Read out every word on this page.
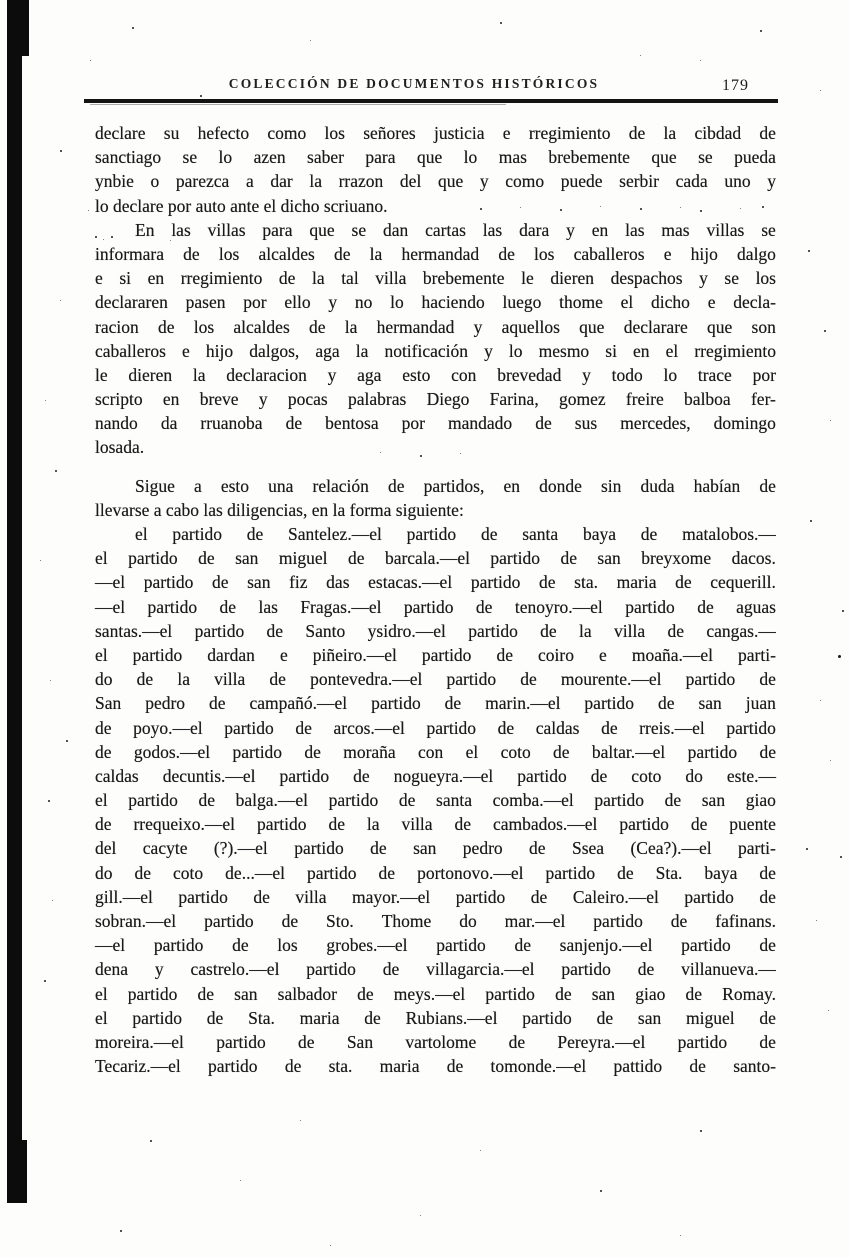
COLECCIÓN DE DOCUMENTOS HISTÓRICOS	179
declare su hefecto como los señores justicia e rregimiento de la cibdad de
sanctiago se lo azen saber para que lo mas brebemente que se pueda
ynbie o parezca a dar la rrazon del que y como puede serbir cada uno y
lo declare por auto ante el dicho scriuano.
En las villas para que se dan cartas las dara y en las mas villas se
informara de los alcaldes de la hermandad de los caballeros e hijo dalgo
e si en rregimiento de la tal villa brebemente le dieren despachos y se los
declararen pasen por ello y no lo haciendo luego thome el dicho e decla-
racion de los alcaldes de la hermandad y aquellos que declarare que son
caballeros e hijo dalgos, aga la notificación y lo mesmo si en el rregimiento
le dieren la declaracion y aga esto con brevedad y todo lo trace por
scripto en breve y pocas palabras Diego Farina, gomez freire balboa fer-
nando da rruanoba de bentosa por mandado de sus mercedes, domingo
losada.
Sigue a esto una relación de partidos, en donde sin duda habían de
llevarse a cabo las diligencias, en la forma siguiente:
el partido de Santelez.—el partido de santa baya de matalobos.—
el partido de san miguel de barcala.—el partido de san breyxome dacos.
—el partido de san fiz das estacas.—el partido de sta. maria de cequerill.
—el partido de las Fragas.—el partido de tenoyro.—el partido de aguas
santas.—el partido de Santo ysidro.—el partido de la villa de cangas.—
el partido dardan e piñeiro.—el partido de coiro e moaña.—el parti-
do de la villa de pontevedra.—el partido de mourente.—el partido de
San pedro de campañó.—el partido de marin.—el partido de san juan
de poyo.—el partido de arcos.—el partido de caldas de rreis.—el partido
de godos.—el partido de moraña con el coto de baltar.—el partido de
caldas decuntis.—el partido de nogueyra.—el partido de coto do este.—
el partido de balga.—el partido de santa comba.—el partido de san giao
de rrequeixo.—el partido de la villa de cambados.—el partido de puente
del cacyte (?).—el partido de san pedro de Ssea (Cea?).—el parti-
do de coto de...—el partido de portonovo.—el partido de Sta. baya de
gill.—el partido de villa mayor.—el partido de Caleiro.—el partido de
sobran.—el partido de Sto. Thome do mar.—el partido de fafinans.
—el partido de los grobes.—el partido de sanjenjo.—el partido de
dena y castrelo.—el partido de villagarcia.—el partido de villanueva.—
el partido de san salbador de meys.—el partido de san giao de Romay.
el partido de Sta. maria de Rubians.—el partido de san miguel de
moreira.—el partido de San vartolome de Pereyra.—el partido de
Tecariz.—el partido de sta. maria de tomonde.—el pattido de santo-
